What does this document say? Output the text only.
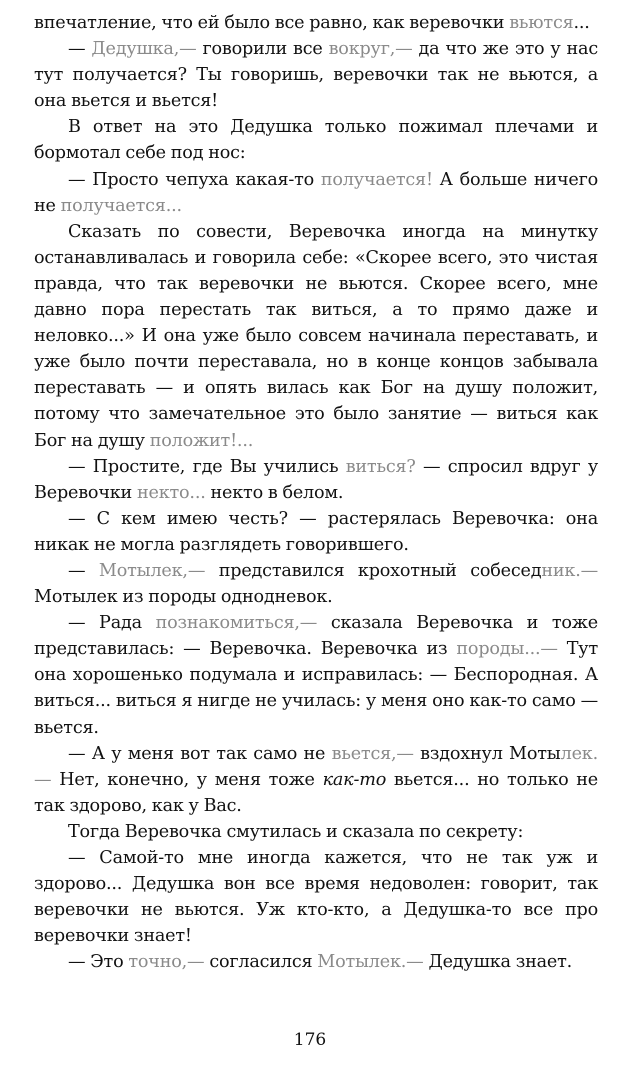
впечатление, что ей было все равно, как веревочки вьются...

— Дедушка,— говорили все вокруг,— да что же это у нас тут получается? Ты говоришь, веревочки так не вьются, а она вьется и вьется!

В ответ на это Дедушка только пожимал плечами и бормотал себе под нос:

— Просто чепуха какая-то получается! А больше ничего не получается...

Сказать по совести, Веревочка иногда на минутку останавливалась и говорила себе: «Скорее всего, это чистая правда, что так веревочки не вьются. Скорее всего, мне давно пора перестать так виться, а то прямо даже и неловко...» И она уже было совсем начинала переставать, и уже было почти переставала, но в конце концов забывала переставать — и опять вилась как Бог на душу положит, потому что замечательное это было занятие — виться как Бог на душу положит!...

— Простите, где Вы учились виться? — спросил вдруг у Веревочки некто... некто в белом.

— С кем имею честь? — растерялась Веревочка: она никак не могла разглядеть говорившего.

— Мотылек,— представился крохотный собеседник.— Мотылек из породы однодневок.

— Рада познакомиться,— сказала Веревочка и тоже представилась: — Веревочка. Веревочка из породы...— Тут она хорошенько подумала и исправилась: — Беспородная. А виться... виться я нигде не училась: у меня оно как-то само — вьется.

— А у меня вот так само не вьется,— вздохнул Мотылек.— Нет, конечно, у меня тоже как-то вьется... но только не так здорово, как у Вас.

Тогда Веревочка смутилась и сказала по секрету:

— Самой-то мне иногда кажется, что не так уж и здорово... Дедушка вон все время недоволен: говорит, так веревочки не вьются. Уж кто-кто, а Дедушка-то все про веревочки знает!

— Это точно,— согласился Мотылек.— Дедушка знает.

176
